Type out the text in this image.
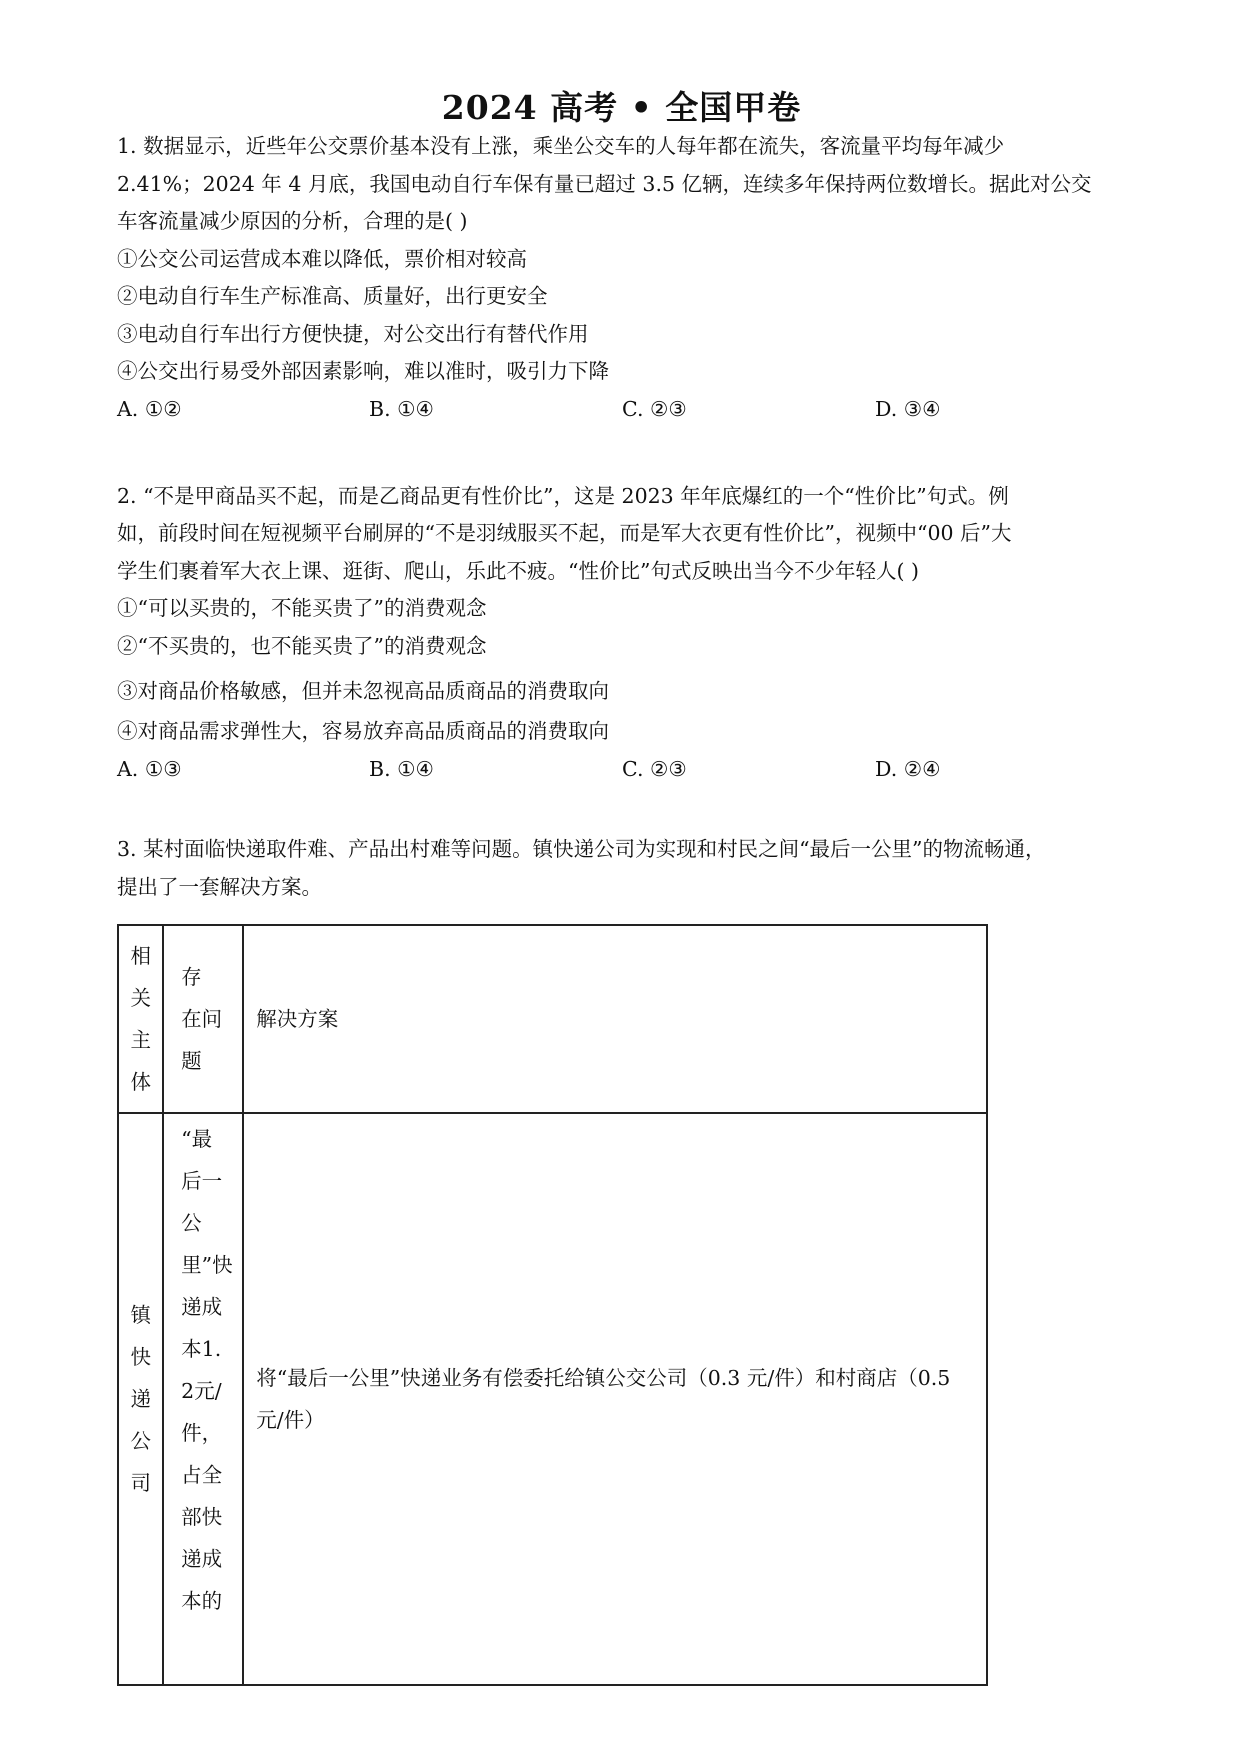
2024 高考 • 全国甲卷
1. 数据显示，近些年公交票价基本没有上涨，乘坐公交车的人每年都在流失，客流量平均每年减少
2.41%；2024 年 4 月底，我国电动自行车保有量已超过 3.5 亿辆，连续多年保持两位数增长。据此对公交
车客流量减少原因的分析，合理的是( )
①公交公司运营成本难以降低，票价相对较高
②电动自行车生产标准高、质量好，出行更安全
③电动自行车出行方便快捷，对公交出行有替代作用
④公交出行易受外部因素影响，难以准时，吸引力下降
A. ①②	B. ①④	C. ②③	D. ③④
2. “不是甲商品买不起，而是乙商品更有性价比”，这是 2023 年年底爆红的一个“性价比”句式。例
如，前段时间在短视频平台刷屏的“不是羽绒服买不起，而是军大衣更有性价比”，视频中“00 后”大
学生们裹着军大衣上课、逛街、爬山，乐此不疲。“性价比”句式反映出当今不少年轻人( )
①“可以买贵的，不能买贵了”的消费观念
②“不买贵的，也不能买贵了”的消费观念
③对商品价格敏感，但并未忽视高品质商品的消费取向
④对商品需求弹性大，容易放弃高品质商品的消费取向
A. ①③	B. ①④	C. ②③	D. ②④
3. 某村面临快递取件难、产品出村难等问题。镇快递公司为实现和村民之间“最后一公里”的物流畅通，
提出了一套解决方案。
相关主体	存 在问题	解决方案

镇快递公司	“最后一公里”快递成本1.2元/件，占全部快递成本的	将“最后一公里”快递业务有偿委托给镇公交公司（0.3 元/件）和村商店（0.5 元/件）
